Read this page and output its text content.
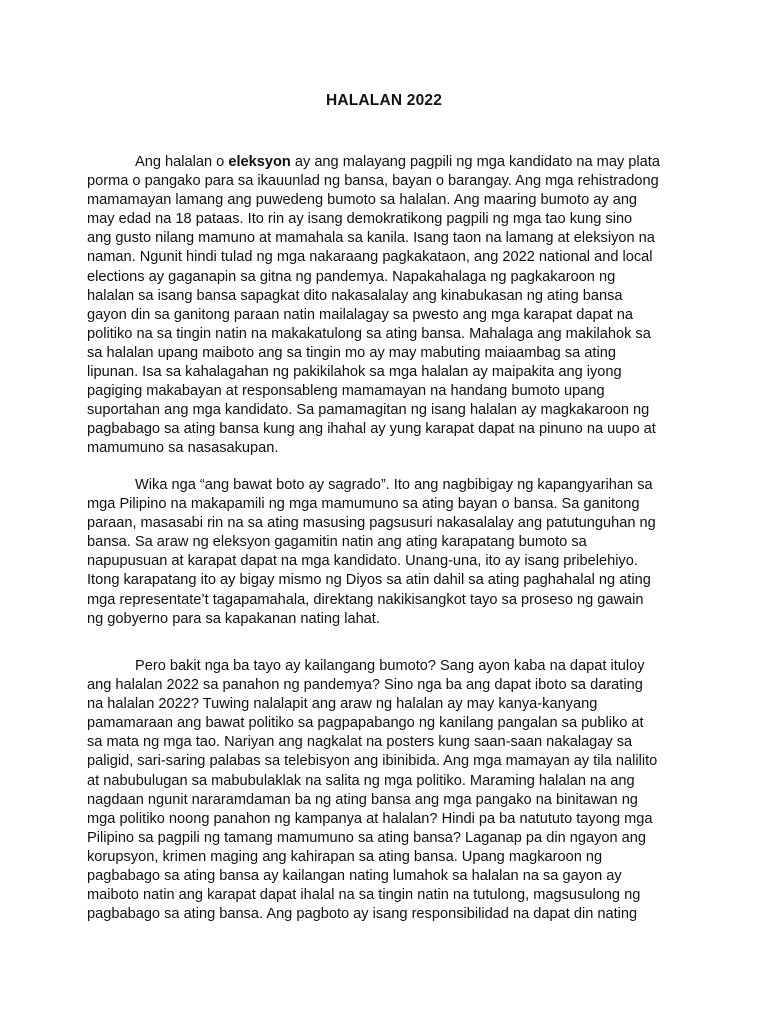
HALALAN 2022

Ang halalan o eleksyon ay ang malayang pagpili ng mga kandidato na may plata
porma o pangako para sa ikauunlad ng bansa, bayan o barangay. Ang mga rehistradong
mamamayan lamang ang puwedeng bumoto sa halalan. Ang maaring bumoto ay ang
may edad na 18 pataas. Ito rin ay isang demokratikong pagpili ng mga tao kung sino
ang gusto nilang mamuno at mamahala sa kanila. Isang taon na lamang at eleksiyon na
naman. Ngunit hindi tulad ng mga nakaraang pagkakataon, ang 2022 national and local
elections ay gaganapin sa gitna ng pandemya. Napakahalaga ng pagkakaroon ng
halalan sa isang bansa sapagkat dito nakasalalay ang kinabukasan ng ating bansa
gayon din sa ganitong paraan natin mailalagay sa pwesto ang mga karapat dapat na
politiko na sa tingin natin na makakatulong sa ating bansa. Mahalaga ang makilahok sa
sa halalan upang maiboto ang sa tingin mo ay may mabuting maiaambag sa ating
lipunan. Isa sa kahalagahan ng pakikilahok sa mga halalan ay maipakita ang iyong
pagiging makabayan at responsableng mamamayan na handang bumoto upang
suportahan ang mga kandidato. Sa pamamagitan ng isang halalan ay magkakaroon ng
pagbabago sa ating bansa kung ang ihahal ay yung karapat dapat na pinuno na uupo at
mamumuno sa nasasakupan.

Wika nga “ang bawat boto ay sagrado”. Ito ang nagbibigay ng kapangyarihan sa
mga Pilipino na makapamili ng mga mamumuno sa ating bayan o bansa. Sa ganitong
paraan, masasabi rin na sa ating masusing pagsusuri nakasalalay ang patutunguhan ng
bansa. Sa araw ng eleksyon gagamitin natin ang ating karapatang bumoto sa
napupusuan at karapat dapat na mga kandidato. Unang-una, ito ay isang pribelehiyo.
Itong karapatang ito ay bigay mismo ng Diyos sa atin dahil sa ating paghahalal ng ating
mga representate’t tagapamahala, direktang nakikisangkot tayo sa proseso ng gawain
ng gobyerno para sa kapakanan nating lahat.

Pero bakit nga ba tayo ay kailangang bumoto? Sang ayon kaba na dapat ituloy
ang halalan 2022 sa panahon ng pandemya? Sino nga ba ang dapat iboto sa darating
na halalan 2022? Tuwing nalalapit ang araw ng halalan ay may kanya-kanyang
pamamaraan ang bawat politiko sa pagpapabango ng kanilang pangalan sa publiko at
sa mata ng mga tao. Nariyan ang nagkalat na posters kung saan-saan nakalagay sa
paligid, sari-saring palabas sa telebisyon ang ibinibida. Ang mga mamayan ay tila nalilito
at nabubulugan sa mabubulaklak na salita ng mga politiko. Maraming halalan na ang
nagdaan ngunit nararamdaman ba ng ating bansa ang mga pangako na binitawan ng
mga politiko noong panahon ng kampanya at halalan? Hindi pa ba natututo tayong mga
Pilipino sa pagpili ng tamang mamumuno sa ating bansa? Laganap pa din ngayon ang
korupsyon, krimen maging ang kahirapan sa ating bansa. Upang magkaroon ng
pagbabago sa ating bansa ay kailangan nating lumahok sa halalan na sa gayon ay
maiboto natin ang karapat dapat ihalal na sa tingin natin na tutulong, magsusulong ng
pagbabago sa ating bansa. Ang pagboto ay isang responsibilidad na dapat din nating
